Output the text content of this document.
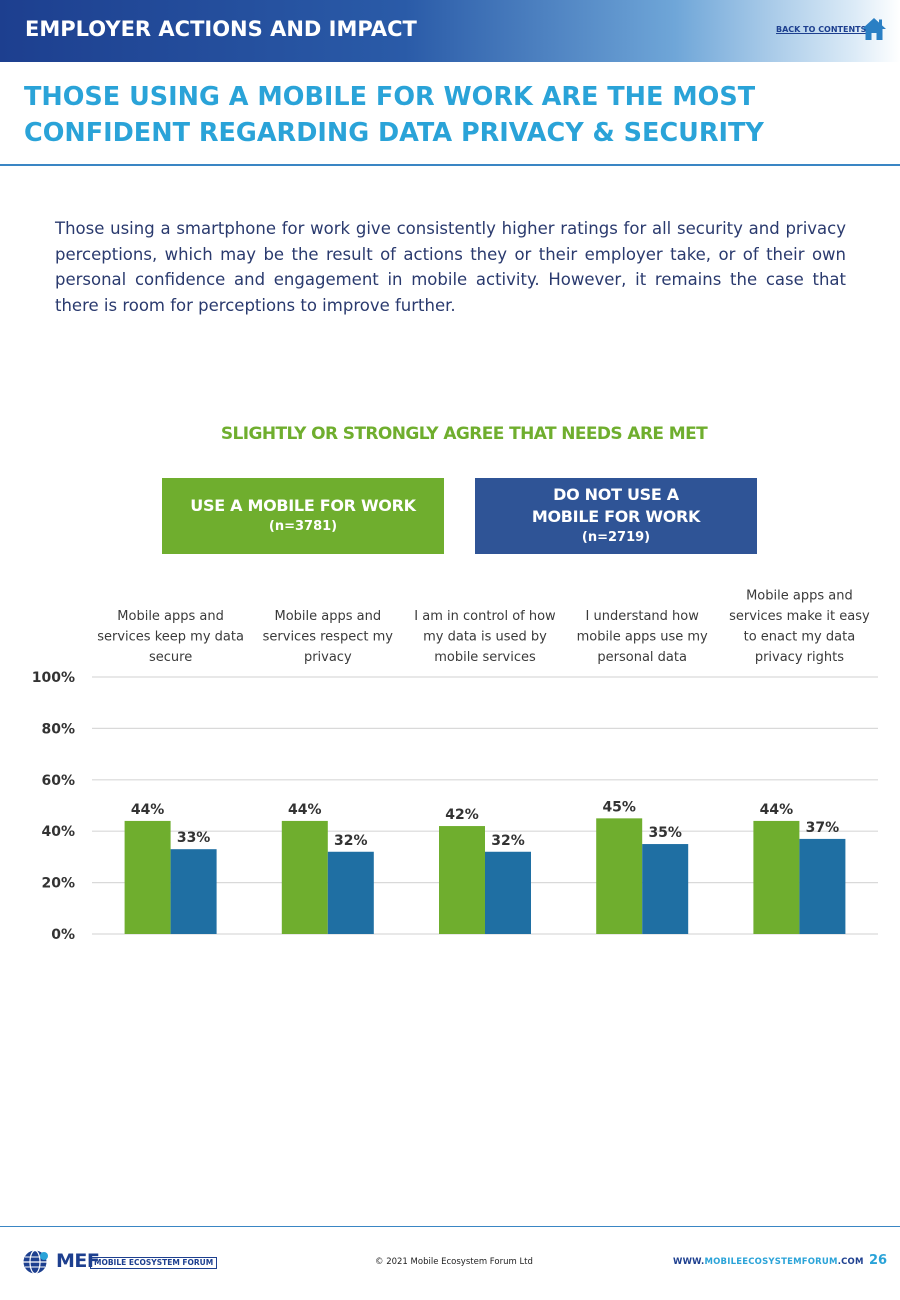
EMPLOYER ACTIONS AND IMPACT	BACK TO CONTENTS
THOSE USING A MOBILE FOR WORK ARE THE MOST
CONFIDENT REGARDING DATA PRIVACY & SECURITY

Those using a smartphone for work give consistently higher ratings for all security and privacy perceptions, which may be the result of actions they or their employer take, or of their own personal confidence and engagement in mobile activity. However, it remains the case that there is room for perceptions to improve further.

SLIGHTLY OR STRONGLY AGREE THAT NEEDS ARE MET
USE A MOBILE FOR WORK
(n=3781)
DO NOT USE A
MOBILE FOR WORK
(n=2719)
0%
20%
40%
60%
80%
100%
Mobile apps and services keep my data secure
Mobile apps and services respect my privacy
I am in control of how my data is used by mobile services
I understand how mobile apps use my personal data
Mobile apps and services make it easy to enact my data privacy rights
44%	44%	42%	45%	44%
33%	32%	32%	35%	37%
MEF
MOBILE ECOSYSTEM FORUM	© 2021 Mobile Ecosystem Forum Ltd	WWW.MOBILEECOSYSTEMFORUM.COM 26
